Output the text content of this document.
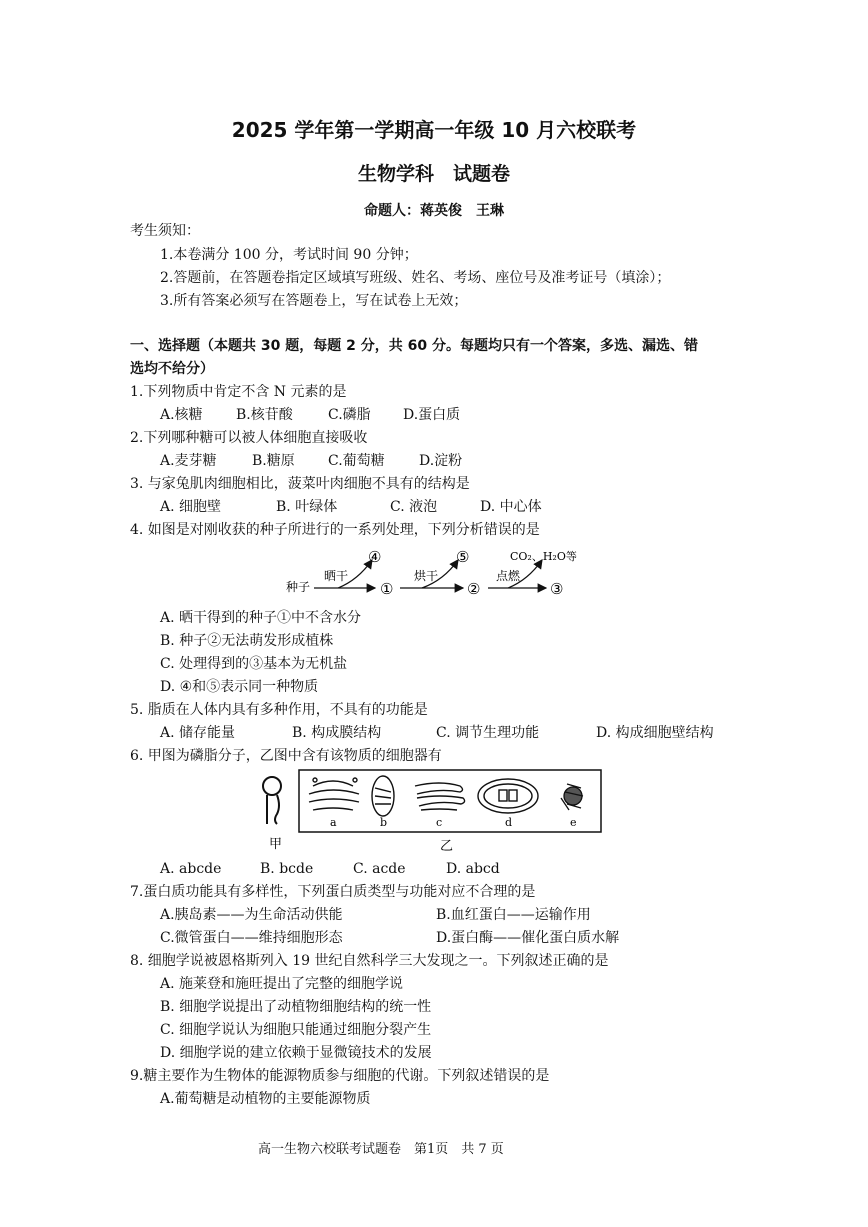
2025 学年第一学期高一年级 10 月六校联考
生物学科　试题卷
命题人：蒋英俊　王琳
考生须知：
1.本卷满分 100 分，考试时间 90 分钟；
2.答题前，在答题卷指定区域填写班级、姓名、考场、座位号及准考证号（填涂）；
3.所有答案必须写在答题卷上，写在试卷上无效；
一、选择题（本题共 30 题，每题 2 分，共 60 分。每题均只有一个答案，多选、漏选、错
选均不给分）
1.下列物质中肯定不含 N 元素的是
A.核糖 B.核苷酸	C.磷脂 D.蛋白质
2.下列哪种糖可以被人体细胞直接吸收
A.麦芽糖	B.糖原 C.葡萄糖 D.淀粉
3. 与家兔肌肉细胞相比，菠菜叶肉细胞不具有的结构是
A. 细胞壁	B. 叶绿体	C. 液泡	D. 中心体
4. 如图是对刚收获的种子所进行的一系列处理，下列分析错误的是
种子
晒干
④
①
烘干
⑤
②
点燃
CO₂、H₂O等
③
A. 晒干得到的种子①中不含水分
B. 种子②无法萌发形成植株
C. 处理得到的③基本为无机盐
D. ④和⑤表示同一种物质
5. 脂质在人体内具有多种作用，不具有的功能是
A. 储存能量	B. 构成膜结构	C. 调节生理功能	D. 构成细胞壁结构
6. 甲图为磷脂分子，乙图中含有该物质的细胞器有
甲
a	b	c	d	e
乙
A. abcde	B. bcde	C. acde	D. abcd
7.蛋白质功能具有多样性，下列蛋白质类型与功能对应不合理的是
A.胰岛素——为生命活动供能	B.血红蛋白——运输作用
C.微管蛋白——维持细胞形态	D.蛋白酶——催化蛋白质水解
8. 细胞学说被恩格斯列入 19 世纪自然科学三大发现之一。下列叙述正确的是
A. 施莱登和施旺提出了完整的细胞学说
B. 细胞学说提出了动植物细胞结构的统一性
C. 细胞学说认为细胞只能通过细胞分裂产生
D. 细胞学说的建立依赖于显微镜技术的发展
9.糖主要作为生物体的能源物质参与细胞的代谢。下列叙述错误的是
A.葡萄糖是动植物的主要能源物质
高一生物六校联考试题卷　第1页　共 7 页
